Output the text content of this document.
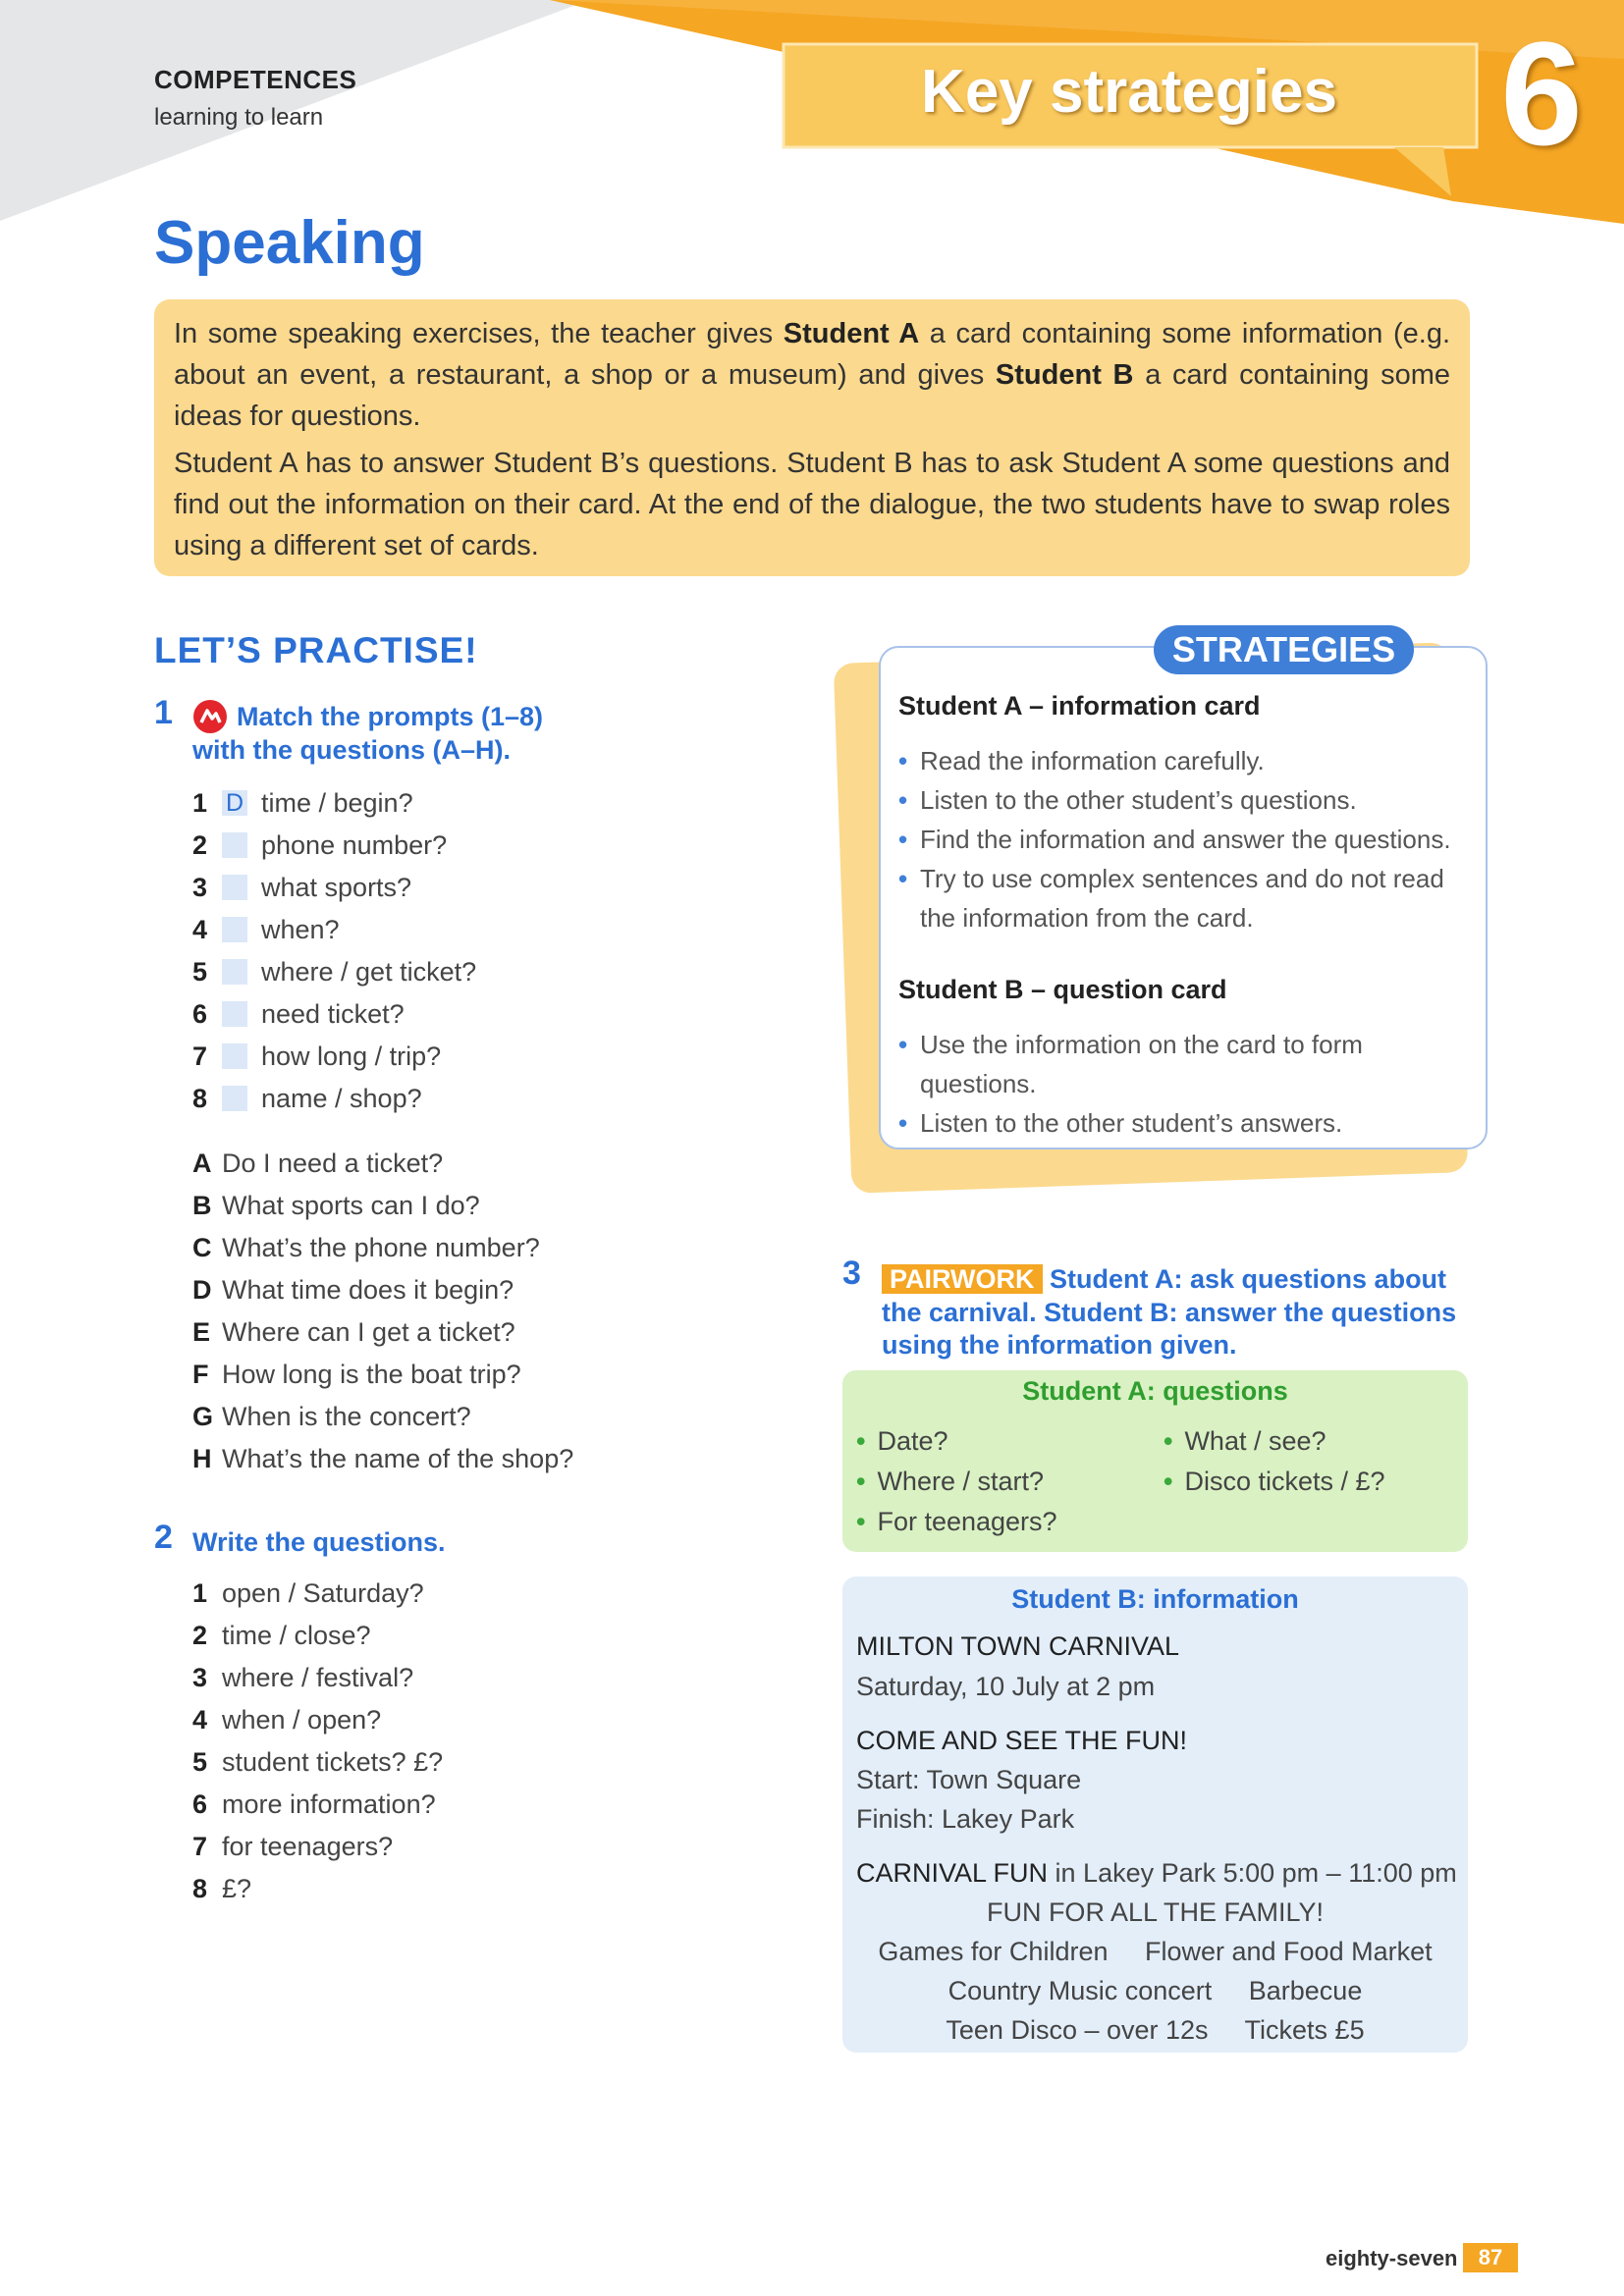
COMPETENCES
learning to learn	Key strategies	6
Speaking

In some speaking exercises, the teacher gives Student A a card containing some information (e.g. about an event, a restaurant, a shop or a museum) and gives Student B a card containing some ideas for questions.

Student A has to answer Student B’s questions. Student B has to ask Student A some questions and find out the information on their card. At the end of the dialogue, the two students have to swap roles using a different set of cards.

LET’S PRACTISE!
1 Match the prompts (1–8)
with the questions (A–H).
1 D time / begin?
2 phone number?
3 what sports?
4 when?
5 where / get ticket?
6 need ticket?
7 how long / trip?
8 name / shop?
A Do I need a ticket?
B What sports can I do?
C What’s the phone number?
D What time does it begin?
E Where can I get a ticket?
F How long is the boat trip?
G When is the concert?
H What’s the name of the shop?
2 Write the questions.
1 open / Saturday?
2 time / close?
3 where / festival?
4 when / open?
5 student tickets? £?
6 more information?
7 for teenagers?
8 £?
Student A – information card
• Read the information carefully.
• Listen to the other student’s questions.
• Find the information and answer the questions.
• Try to use complex sentences and do not read
the information from the card.
Student B – question card
• Use the information on the card to form
questions.
• Listen to the other student’s answers.
STRATEGIES
3 PAIRWORK Student A: ask questions about
the carnival. Student B: answer the questions
using the information given.
Student A: questions
• Date?
• Where / start?
• For teenagers?
• What / see?
• Disco tickets / £?
Student B: information
MILTON TOWN CARNIVAL
Saturday, 10 July at 2 pm
COME AND SEE THE FUN!
Start: Town Square
Finish: Lakey Park
CARNIVAL FUN in Lakey Park 5:00 pm – 11:00 pm
FUN FOR ALL THE FAMILY!
Games for Children     Flower and Food Market
Country Music concert     Barbecue
Teen Disco – over 12s     Tickets £5
eighty-seven 87
